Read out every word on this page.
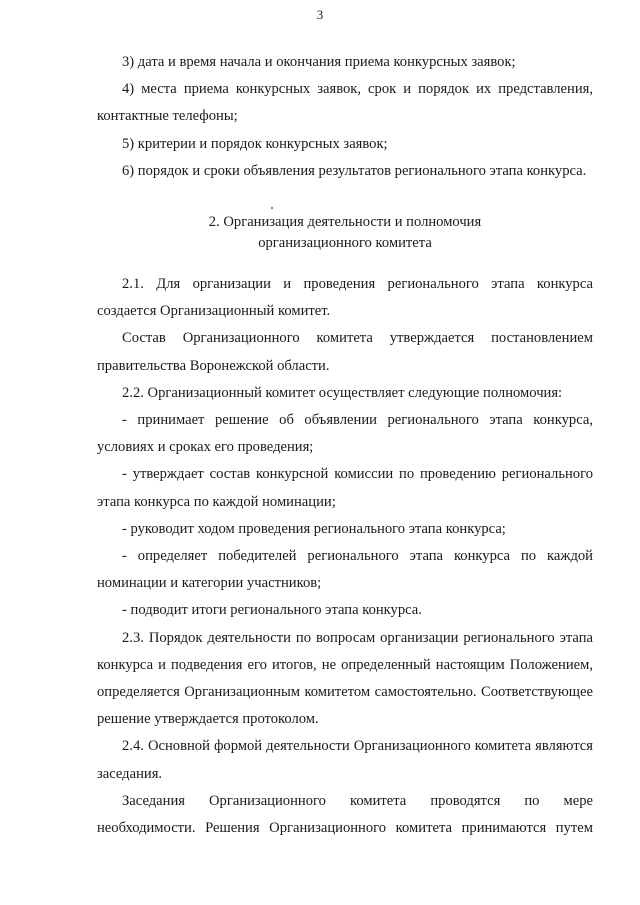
3

3) дата и время начала и окончания приема конкурсных заявок;

4) места приема конкурсных заявок, срок и порядок их представления, контактные телефоны;

5) критерии и порядок конкурсных заявок;

6) порядок и сроки объявления результатов регионального этапа конкурса.

2. Организация деятельности и полномочия
организационного комитета

2.1. Для организации и проведения регионального этапа конкурса создается Организационный комитет.

Состав Организационного комитета утверждается постановлением правительства Воронежской области.

2.2. Организационный комитет осуществляет следующие полномочия:

- принимает решение об объявлении регионального этапа конкурса, условиях и сроках его проведения;

- утверждает состав конкурсной комиссии по проведению регионального этапа конкурса по каждой номинации;

- руководит ходом проведения регионального этапа конкурса;

- определяет победителей регионального этапа конкурса по каждой номинации и категории участников;

- подводит итоги регионального этапа конкурса.

2.3. Порядок деятельности по вопросам организации регионального этапа конкурса и подведения его итогов, не определенный настоящим Положением, определяется Организационным комитетом самостоятельно. Соответствующее решение утверждается протоколом.

2.4. Основной формой деятельности Организационного комитета являются заседания.

Заседания Организационного комитета проводятся по мере необходимости. Решения Организационного комитета принимаются путем
